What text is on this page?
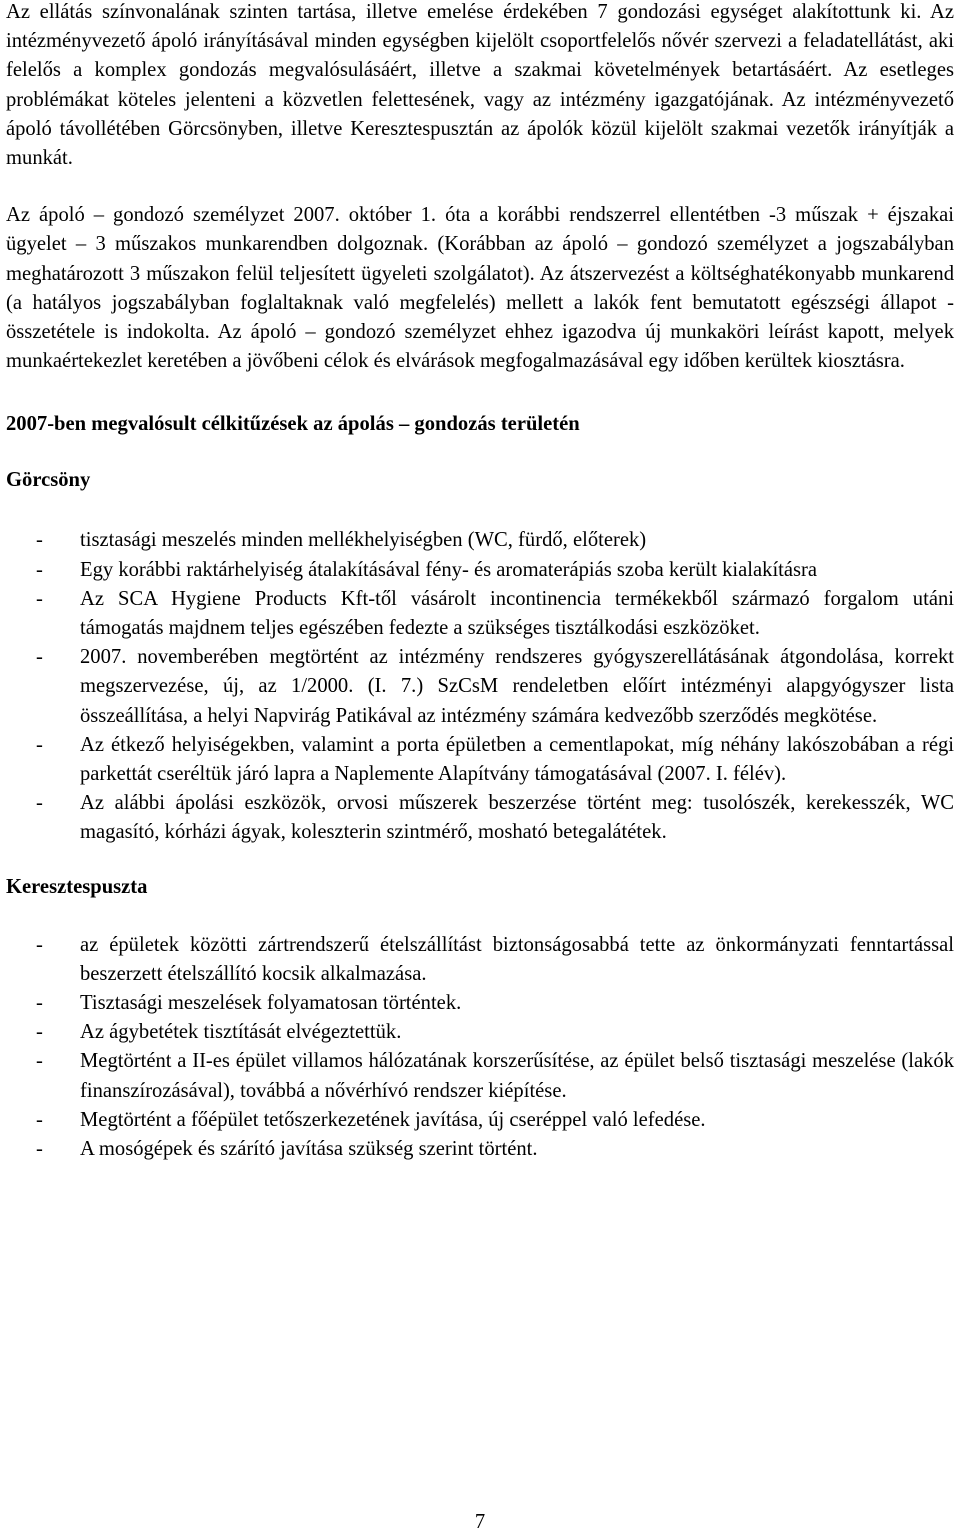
Az ellátás színvonalának szinten tartása, illetve emelése érdekében 7 gondozási egységet alakítottunk ki. Az intézményvezető ápoló irányításával minden egységben kijelölt csoportfelelős nővér szervezi a feladatellátást, aki felelős a komplex gondozás megvalósulásáért, illetve a szakmai követelmények betartásáért. Az esetleges problémákat köteles jelenteni a közvetlen felettesének, vagy az intézmény igazgatójának. Az intézményvezető ápoló távollétében Görcsönyben, illetve Keresztespusztán az ápolók közül kijelölt szakmai vezetők irányítják a munkát.

Az ápoló – gondozó személyzet 2007. október 1. óta a korábbi rendszerrel ellentétben -3 műszak + éjszakai ügyelet – 3 műszakos munkarendben dolgoznak. (Korábban az ápoló – gondozó személyzet a jogszabályban meghatározott 3 műszakon felül teljesített ügyeleti szolgálatot). Az átszervezést a költséghatékonyabb munkarend (a hatályos jogszabályban foglaltaknak való megfelelés) mellett a lakók fent bemutatott egészségi állapot - összetétele is indokolta. Az ápoló – gondozó személyzet ehhez igazodva új munkaköri leírást kapott, melyek munkaértekezlet keretében a jövőbeni célok és elvárások megfogalmazásával egy időben kerültek kiosztásra.

2007-ben megvalósult célkitűzések az ápolás – gondozás területén

Görcsöny

- tisztasági meszelés minden mellékhelyiségben (WC, fürdő, előterek)
- Egy korábbi raktárhelyiség átalakításával fény- és aromaterápiás szoba került kialakításra
- Az SCA Hygiene Products Kft-től vásárolt incontinencia termékekből származó forgalom utáni támogatás majdnem teljes egészében fedezte a szükséges tisztálkodási eszközöket.
- 2007. novemberében megtörtént az intézmény rendszeres gyógyszerellátásának átgondolása, korrekt megszervezése, új, az 1/2000. (I. 7.) SzCsM rendeletben előírt intézményi alapgyógyszer lista összeállítása, a helyi Napvirág Patikával az intézmény számára kedvezőbb szerződés megkötése.
- Az étkező helyiségekben, valamint a porta épületben a cementlapokat, míg néhány lakószobában a régi parkettát cseréltük járó lapra a Naplemente Alapítvány támogatásával (2007. I. félév).
- Az alábbi ápolási eszközök, orvosi műszerek beszerzése történt meg: tusolószék, kerekesszék, WC magasító, kórházi ágyak, koleszterin szintmérő, mosható betegalátétek.

Keresztespuszta

- az épületek közötti zártrendszerű ételszállítást biztonságosabbá tette az önkormányzati fenntartással beszerzett ételszállító kocsik alkalmazása.
- Tisztasági meszelések folyamatosan történtek.
- Az ágybetétek tisztítását elvégeztettük.
- Megtörtént a II-es épület villamos hálózatának korszerűsítése, az épület belső tisztasági meszelése (lakók finanszírozásával), továbbá a nővérhívó rendszer kiépítése.
- Megtörtént a főépület tetőszerkezetének javítása, új cseréppel való lefedése.
- A mosógépek és szárító javítása szükség szerint történt.
7
